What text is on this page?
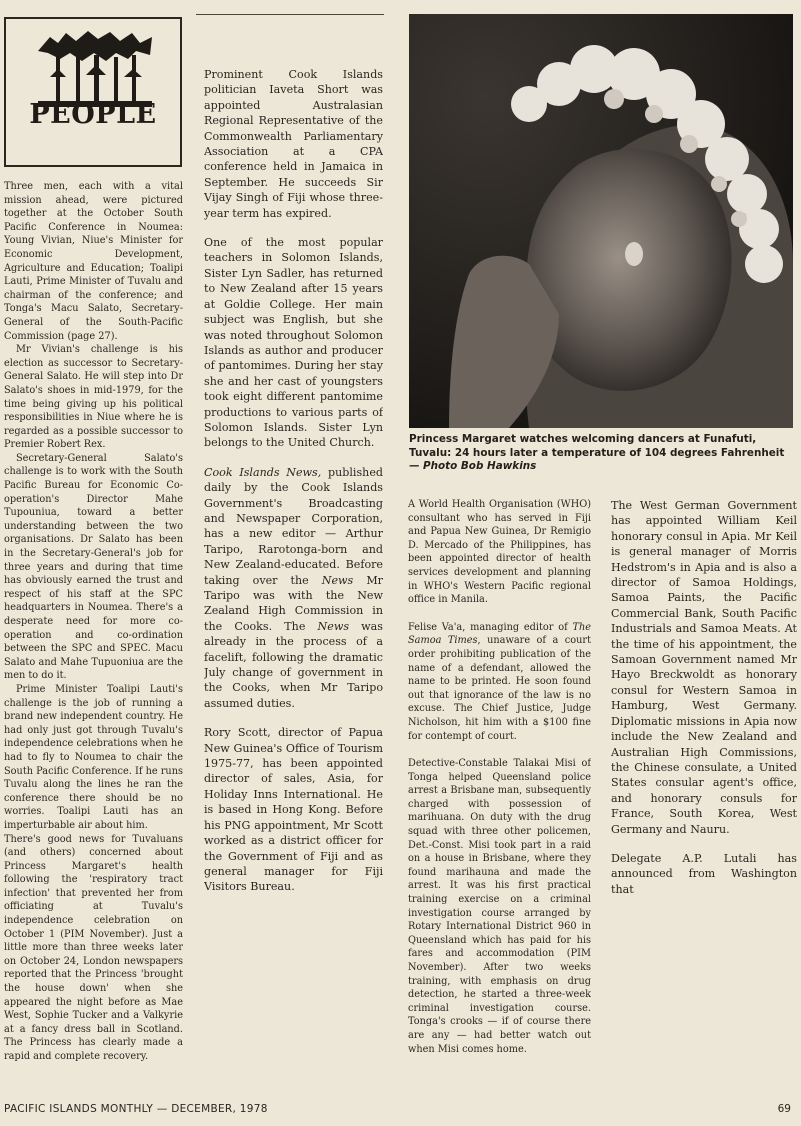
PEOPLE

Three men, each with a vital mission ahead, were pictured together at the October South Pacific Conference in Noumea: Young Vivian, Niue's Minister for Economic Development, Agriculture and Education; Toalipi Lauti, Prime Minister of Tuvalu and chairman of the conference; and Tonga's Macu Salato, Secretary-General of the South-Pacific Commission (page 27).

Mr Vivian's challenge is his election as successor to Secretary-General Salato. He will step into Dr Salato's shoes in mid-1979, for the time being giving up his political responsibilities in Niue where he is regarded as a possible successor to Premier Robert Rex.

Secretary-General Salato's challenge is to work with the South Pacific Bureau for Economic Co-operation's Director Mahe Tupouniua, toward a better understanding between the two organisations. Dr Salato has been in the Secretary-General's job for three years and during that time has obviously earned the trust and respect of his staff at the SPC headquarters in Noumea. There's a desperate need for more co-operation and co-ordination between the SPC and SPEC. Macu Salato and Mahe Tupuoniua are the men to do it.

Prime Minister Toalipi Lauti's challenge is the job of running a brand new independent country. He had only just got through Tuvalu's independence celebrations when he had to fly to Noumea to chair the South Pacific Conference. If he runs Tuvalu along the lines he ran the conference there should be no worries. Toalipi Lauti has an imperturbable air about him.

There's good news for Tuvaluans (and others) concerned about Princess Margaret's health following the 'respiratory tract infection' that prevented her from officiating at Tuvalu's independence celebration on October 1 (PIM November). Just a little more than three weeks later on October 24, London newspapers reported that the Princess 'brought the house down' when she appeared the night before as Mae West, Sophie Tucker and a Valkyrie at a fancy dress ball in Scotland. The Princess has clearly made a rapid and complete recovery.

Prominent Cook Islands politician Iaveta Short was appointed Australasian Regional Representative of the Commonwealth Parliamentary Association at a CPA conference held in Jamaica in September. He succeeds Sir Vijay Singh of Fiji whose three-year term has expired.

One of the most popular teachers in Solomon Islands, Sister Lyn Sadler, has returned to New Zealand after 15 years at Goldie College. Her main subject was English, but she was noted throughout Solomon Islands as author and producer of pantomimes. During her stay she and her cast of youngsters took eight different pantomime productions to various parts of Solomon Islands. Sister Lyn belongs to the United Church.

Cook Islands News, published daily by the Cook Islands Government's Broadcasting and Newspaper Corporation, has a new editor — Arthur Taripo, Rarotonga-born and New Zealand-educated. Before taking over the News Mr Taripo was with the New Zealand High Commission in the Cooks. The News was already in the process of a facelift, following the dramatic July change of government in the Cooks, when Mr Taripo assumed duties.

Rory Scott, director of Papua New Guinea's Office of Tourism 1975-77, has been appointed director of sales, Asia, for Holiday Inns International. He is based in Hong Kong. Before his PNG appointment, Mr Scott worked as a district officer for the Government of Fiji and as general manager for Fiji Visitors Bureau.

Princess Margaret watches welcoming dancers at Funafuti, Tuvalu: 24 hours later a temperature of 104 degrees Fahrenheit — Photo Bob Hawkins

A World Health Organisation (WHO) consultant who has served in Fiji and Papua New Guinea, Dr Remigio D. Mercado of the Philippines, has been appointed director of health services development and planning in WHO's Western Pacific regional office in Manila.

Felise Va'a, managing editor of The Samoa Times, unaware of a court order prohibiting publication of the name of a defendant, allowed the name to be printed. He soon found out that ignorance of the law is no excuse. The Chief Justice, Judge Nicholson, hit him with a $100 fine for contempt of court.

Detective-Constable Talakai Misi of Tonga helped Queensland police arrest a Brisbane man, subsequently charged with possession of marihuana. On duty with the drug squad with three other policemen, Det.-Const. Misi took part in a raid on a house in Brisbane, where they found marihauna and made the arrest. It was his first practical training exercise on a criminal investigation course arranged by Rotary International District 960 in Queensland which has paid for his fares and accommodation (PIM November). After two weeks training, with emphasis on drug detection, he started a three-week criminal investigation course. Tonga's crooks — if of course there are any — had better watch out when Misi comes home.

The West German Government has appointed William Keil honorary consul in Apia. Mr Keil is general manager of Morris Hedstrom's in Apia and is also a director of Samoa Holdings, Samoa Paints, the Pacific Commercial Bank, South Pacific Industrials and Samoa Meats. At the time of his appointment, the Samoan Government named Mr Hayo Breckwoldt as honorary consul for Western Samoa in Hamburg, West Germany. Diplomatic missions in Apia now include the New Zealand and Australian High Commissions, the Chinese consulate, a United States consular agent's office, and honorary consuls for France, South Korea, West Germany and Nauru.

Delegate A.P. Lutali has announced from Washington that

PACIFIC ISLANDS MONTHLY — DECEMBER, 1978	69
